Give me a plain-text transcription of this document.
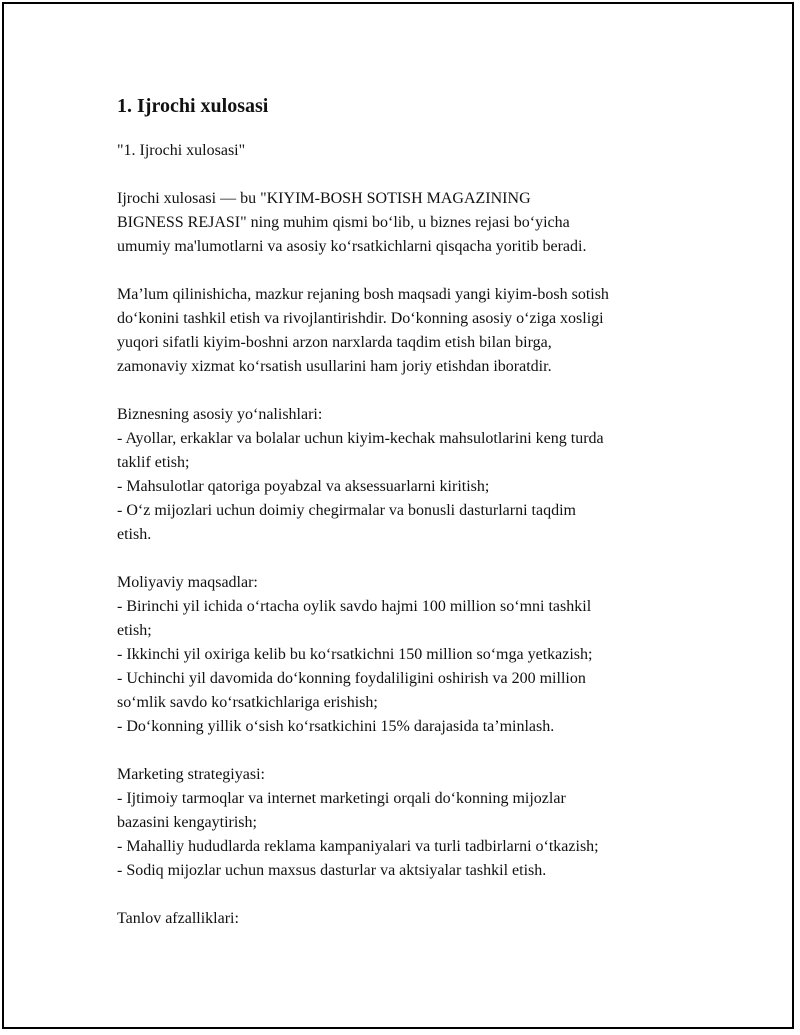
1. Ijrochi xulosasi

"1. Ijrochi xulosasi"

Ijrochi xulosasi — bu "KIYIM-BOSH SOTISH MAGAZINING
BIGNESS REJASI" ning muhim qismi bo‘lib, u biznes rejasi bo‘yicha
umumiy ma'lumotlarni va asosiy ko‘rsatkichlarni qisqacha yoritib beradi.

Ma’lum qilinishicha, mazkur rejaning bosh maqsadi yangi kiyim-bosh sotish
do‘konini tashkil etish va rivojlantirishdir. Do‘konning asosiy o‘ziga xosligi
yuqori sifatli kiyim-boshni arzon narxlarda taqdim etish bilan birga,
zamonaviy xizmat ko‘rsatish usullarini ham joriy etishdan iboratdir.

Biznesning asosiy yo‘nalishlari:
- Ayollar, erkaklar va bolalar uchun kiyim-kechak mahsulotlarini keng turda
taklif etish;
- Mahsulotlar qatoriga poyabzal va aksessuarlarni kiritish;
- O‘z mijozlari uchun doimiy chegirmalar va bonusli dasturlarni taqdim
etish.

Moliyaviy maqsadlar:
- Birinchi yil ichida o‘rtacha oylik savdo hajmi 100 million so‘mni tashkil
etish;
- Ikkinchi yil oxiriga kelib bu ko‘rsatkichni 150 million so‘mga yetkazish;
- Uchinchi yil davomida do‘konning foydaliligini oshirish va 200 million
so‘mlik savdo ko‘rsatkichlariga erishish;
- Do‘konning yillik o‘sish ko‘rsatkichini 15% darajasida ta’minlash.

Marketing strategiyasi:
- Ijtimoiy tarmoqlar va internet marketingi orqali do‘konning mijozlar
bazasini kengaytirish;
- Mahalliy hududlarda reklama kampaniyalari va turli tadbirlarni o‘tkazish;
- Sodiq mijozlar uchun maxsus dasturlar va aktsiyalar tashkil etish.

Tanlov afzalliklari:
